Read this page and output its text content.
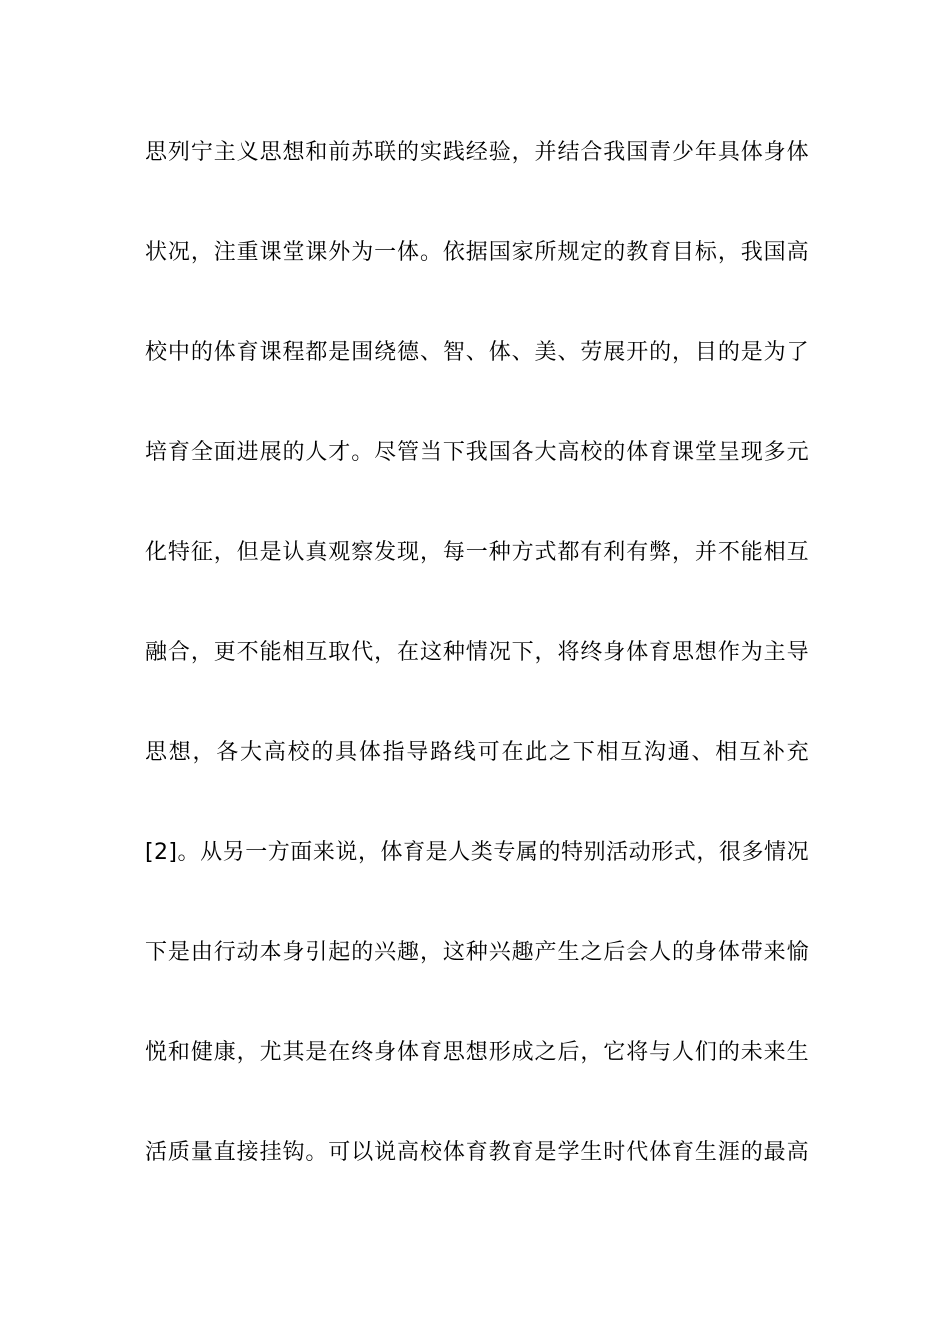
思列宁主义思想和前苏联的实践经验，并结合我国青少年具体身体
状况，注重课堂课外为一体。依据国家所规定的教育目标，我国高
校中的体育课程都是围绕德、智、体、美、劳展开的，目的是为了
培育全面进展的人才。尽管当下我国各大高校的体育课堂呈现多元
化特征，但是认真观察发现，每一种方式都有利有弊，并不能相互
融合，更不能相互取代，在这种情况下，将终身体育思想作为主导
思想，各大高校的具体指导路线可在此之下相互沟通、相互补充
[2]。从另一方面来说，体育是人类专属的特别活动形式，很多情况
下是由行动本身引起的兴趣，这种兴趣产生之后会人的身体带来愉
悦和健康，尤其是在终身体育思想形成之后，它将与人们的未来生
活质量直接挂钩。可以说高校体育教育是学生时代体育生涯的最高
